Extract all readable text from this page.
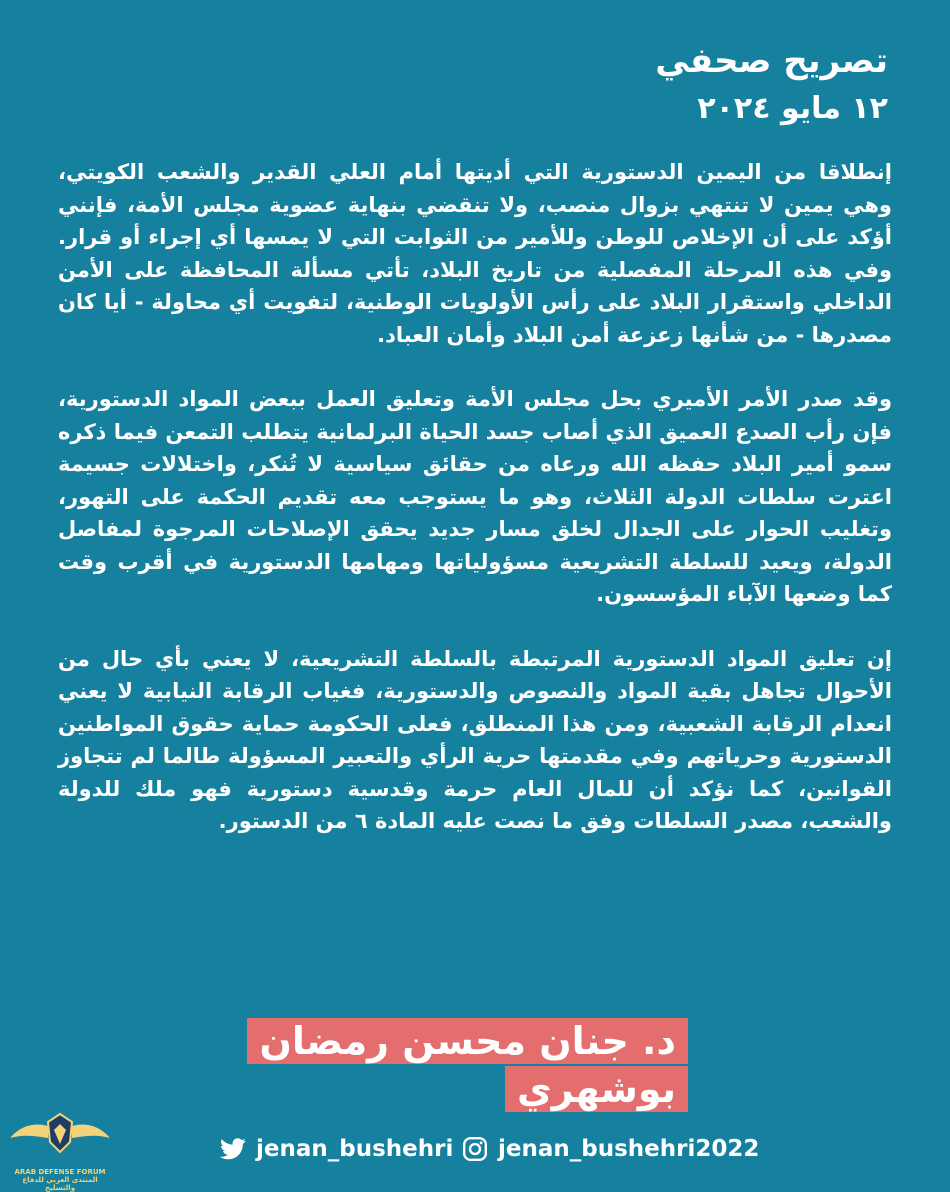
تصريح صحفي
١٢ مايو ٢٠٢٤

إنطلاقا من اليمين الدستورية التي أديتها أمام العلي القدير والشعب الكويتي، وهي يمين لا تنتهي بزوال منصب، ولا تنقضي بنهاية عضوية مجلس الأمة، فإنني أؤكد على أن الإخلاص للوطن وللأمير من الثوابت التي لا يمسها أي إجراء أو قرار. وفي هذه المرحلة المفصلية من تاريخ البلاد، تأتي مسألة المحافظة على الأمن الداخلي واستقرار البلاد على رأس الأولويات الوطنية، لتفويت أي محاولة - أيا كان مصدرها - من شأنها زعزعة أمن البلاد وأمان العباد.

وقد صدر الأمر الأميري بحل مجلس الأمة وتعليق العمل ببعض المواد الدستورية، فإن رأب الصدع العميق الذي أصاب جسد الحياة البرلمانية يتطلب التمعن فيما ذكره سمو أمير البلاد حفظه الله ورعاه من حقائق سياسية لا تُنكر، واختلالات جسيمة اعترت سلطات الدولة الثلاث، وهو ما يستوجب معه تقديم الحكمة على التهور، وتغليب الحوار على الجدال لخلق مسار جديد يحقق الإصلاحات المرجوة لمفاصل الدولة، ويعيد للسلطة التشريعية مسؤولياتها ومهامها الدستورية في أقرب وقت كما وضعها الآباء المؤسسون.

إن تعليق المواد الدستورية المرتبطة بالسلطة التشريعية، لا يعني بأي حال من الأحوال تجاهل بقية المواد والنصوص والدستورية، فغياب الرقابة النيابية لا يعني انعدام الرقابة الشعبية، ومن هذا المنطلق، فعلى الحكومة حماية حقوق المواطنين الدستورية وحرياتهم وفي مقدمتها حرية الرأي والتعبير المسؤولة طالما لم تتجاوز القوانين، كما نؤكد أن للمال العام حرمة وقدسية دستورية فهو ملك للدولة والشعب، مصدر السلطات وفق ما نصت عليه المادة ٦ من الدستور.

د. جنان محسن رمضان
بوشهري
jenan_bushehri jenan_bushehri2022
ARAB DEFENSE FORUM
المنتدى العربي للدفاع والتسليح
